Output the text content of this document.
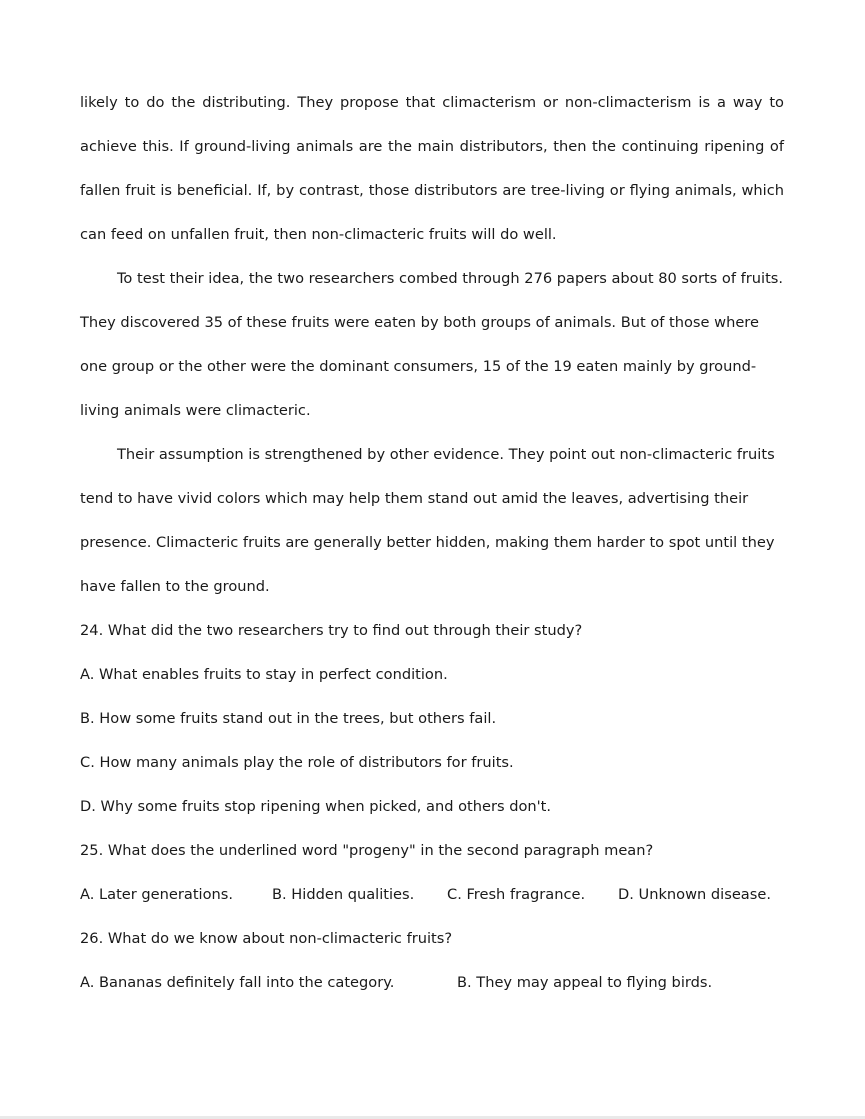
likely to do the distributing. They propose that climacterism or non-climacterism is a way to achieve this. If ground-living animals are the main distributors, then the continuing ripening of fallen fruit is beneficial. If, by contrast, those distributors are tree-living or flying animals, which can feed on unfallen fruit, then non-climacteric fruits will do well.

To test their idea, the two researchers combed through 276 papers about 80 sorts of fruits. They discovered 35 of these fruits were eaten by both groups of animals. But of those where one group or the other were the dominant consumers, 15 of the 19 eaten mainly by ground-living animals were climacteric.

Their assumption is strengthened by other evidence. They point out non-climacteric fruits tend to have vivid colors which may help them stand out amid the leaves, advertising their presence. Climacteric fruits are generally better hidden, making them harder to spot until they have fallen to the ground.

24. What did the two researchers try to find out through their study?

A. What enables fruits to stay in perfect condition.

B. How some fruits stand out in the trees, but others fail.

C. How many animals play the role of distributors for fruits.

D. Why some fruits stop ripening when picked, and others don't.

25. What does the underlined word "progeny" in the second paragraph mean?

A. Later generations.	B. Hidden qualities. C. Fresh fragrance. D. Unknown disease.

26. What do we know about non-climacteric fruits?

A. Bananas definitely fall into the category.	B. They may appeal to flying birds.
